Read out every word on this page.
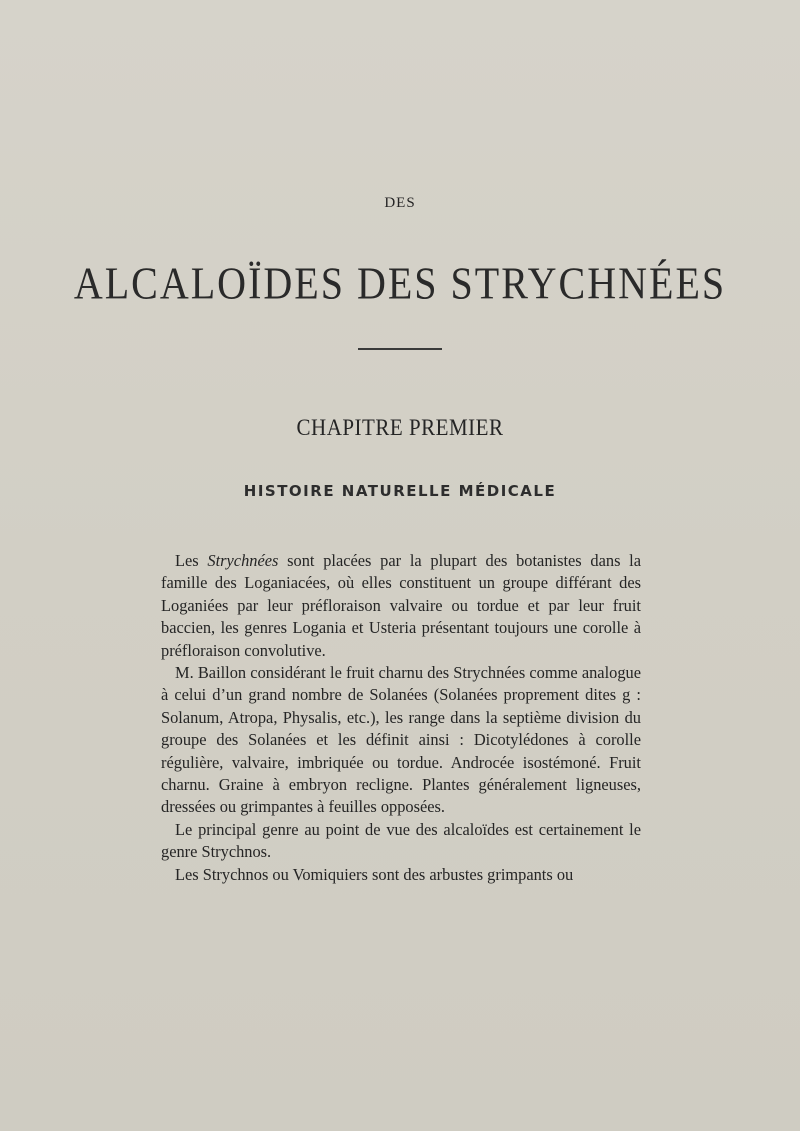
DES
ALCALOÏDES DES STRYCHNÉES
CHAPITRE PREMIER
HISTOIRE NATURELLE MÉDICALE

Les Strychnées sont placées par la plupart des botanistes dans la famille des Loganiacées, où elles constituent un groupe différant des Loganiées par leur préfloraison valvaire ou tordue et par leur fruit baccien, les genres Logania et Usteria présentant toujours une corolle à préfloraison convolutive.

M. Baillon considérant le fruit charnu des Strychnées comme analogue à celui d’un grand nombre de Solanées (Solanées proprement dites g : Solanum, Atropa, Physalis, etc.), les range dans la septième division du groupe des Solanées et les définit ainsi : Dicotylédones à corolle régulière, valvaire, imbriquée ou tordue. Androcée isostémoné. Fruit charnu. Graine à embryon recligne. Plantes généralement ligneuses, dressées ou grimpantes à feuilles opposées.

Le principal genre au point de vue des alcaloïdes est certainement le genre Strychnos.

Les Strychnos ou Vomiquiers sont des arbustes grimpants ou
